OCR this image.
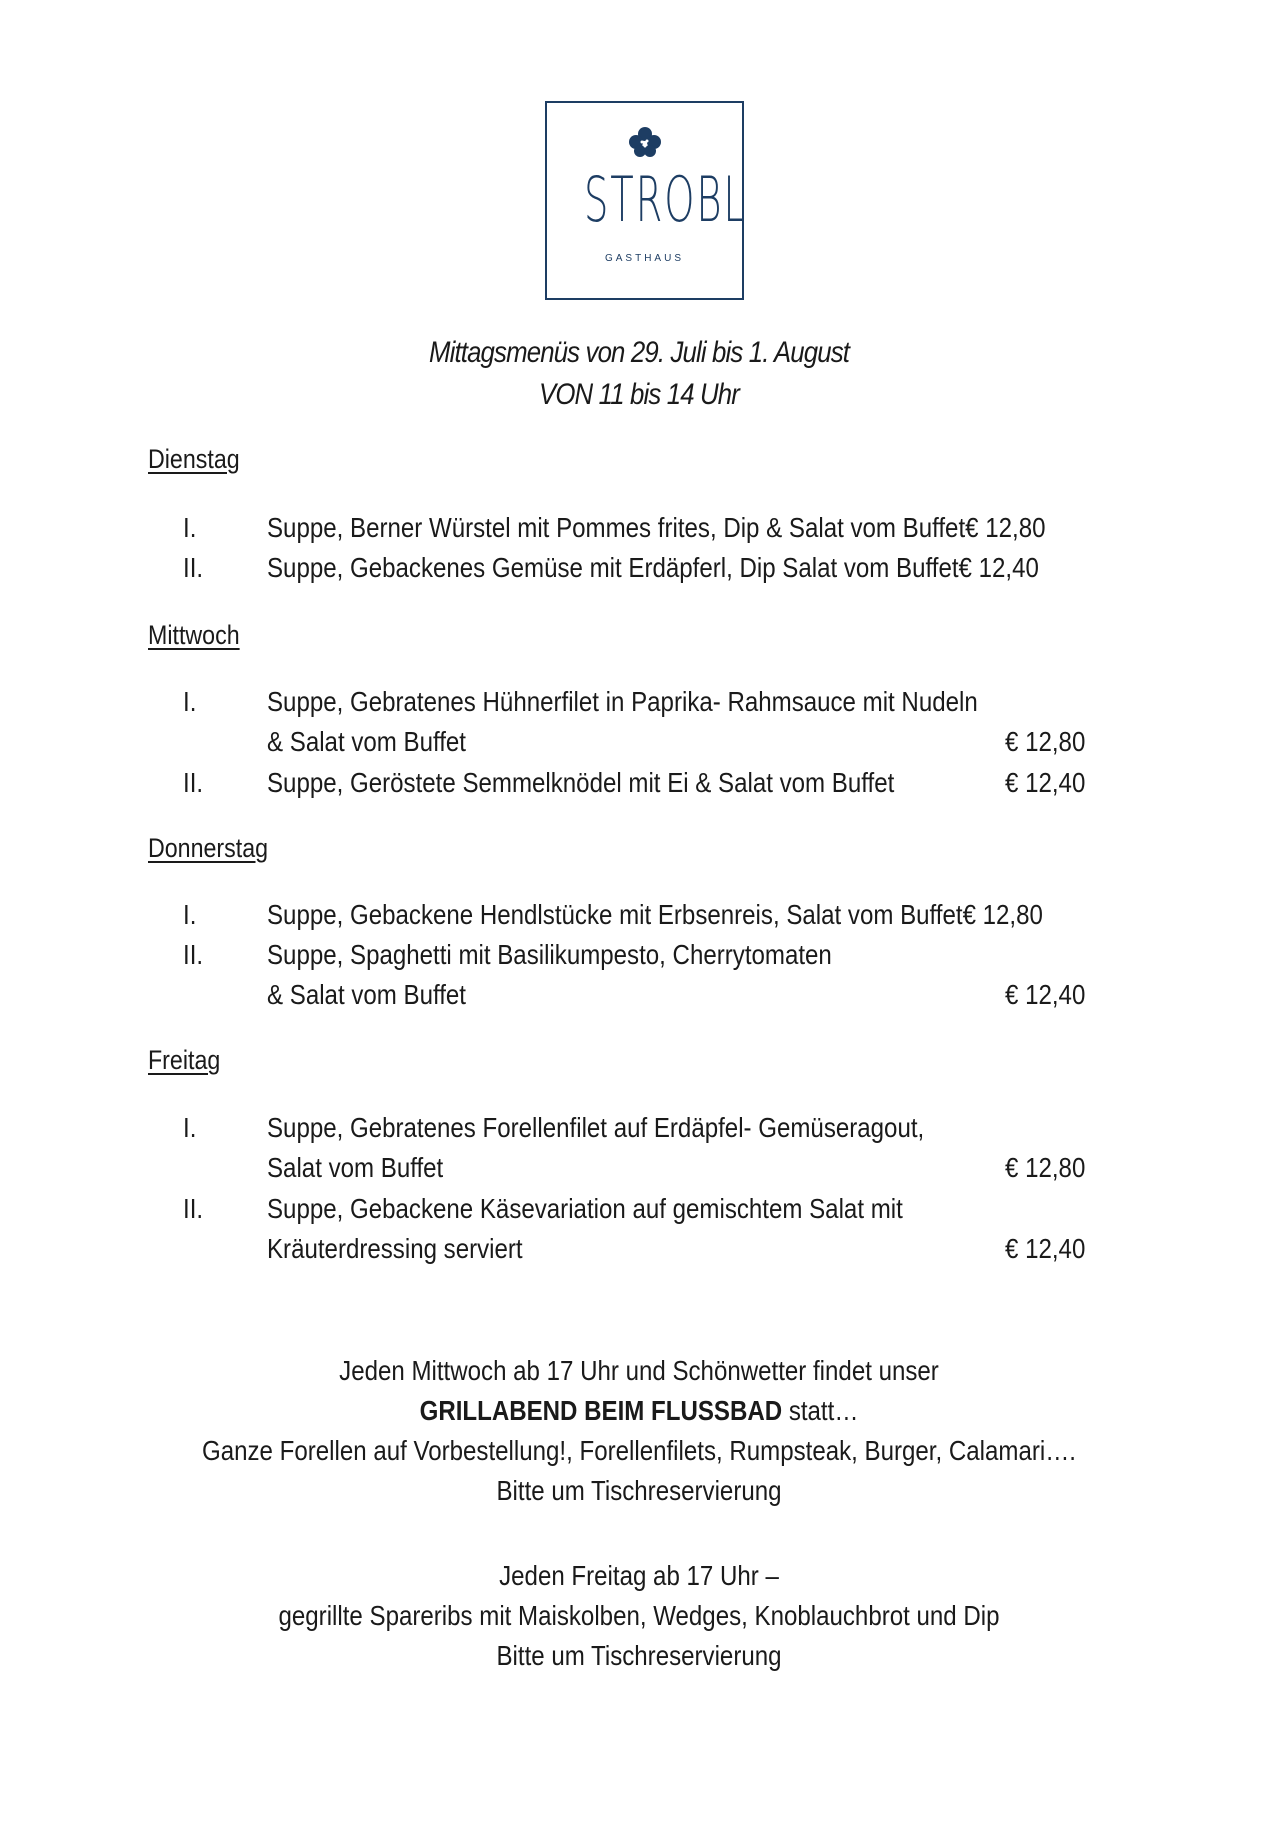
STROBL
GASTHAUS
Mittagsmenüs von 29. Juli bis 1. August
VON 11 bis 14 Uhr
Dienstag
I.	Suppe, Berner Würstel mit Pommes frites, Dip & Salat vom Buffet€ 12,80
II. Suppe, Gebackenes Gemüse mit Erdäpferl, Dip Salat vom Buffet€ 12,40
Mittwoch
I.	Suppe, Gebratenes Hühnerfilet in Paprika- Rahmsauce mit Nudeln
& Salat vom Buffet	€ 12,80
II. Suppe, Geröstete Semmelknödel mit Ei & Salat vom Buffet	€ 12,40
Donnerstag
I.	Suppe, Gebackene Hendlstücke mit Erbsenreis, Salat vom Buffet€ 12,80
II. Suppe, Spaghetti mit Basilikumpesto, Cherrytomaten
& Salat vom Buffet	€ 12,40
Freitag
I.	Suppe, Gebratenes Forellenfilet auf Erdäpfel- Gemüseragout,
Salat vom Buffet	€ 12,80
II. Suppe, Gebackene Käsevariation auf gemischtem Salat mit
Kräuterdressing serviert	€ 12,40
Jeden Mittwoch ab 17 Uhr und Schönwetter findet unser
GRILLABEND BEIM FLUSSBAD statt…
Ganze Forellen auf Vorbestellung!, Forellenfilets, Rumpsteak, Burger, Calamari….
Bitte um Tischreservierung
Jeden Freitag ab 17 Uhr –
gegrillte Spareribs mit Maiskolben, Wedges, Knoblauchbrot und Dip
Bitte um Tischreservierung
